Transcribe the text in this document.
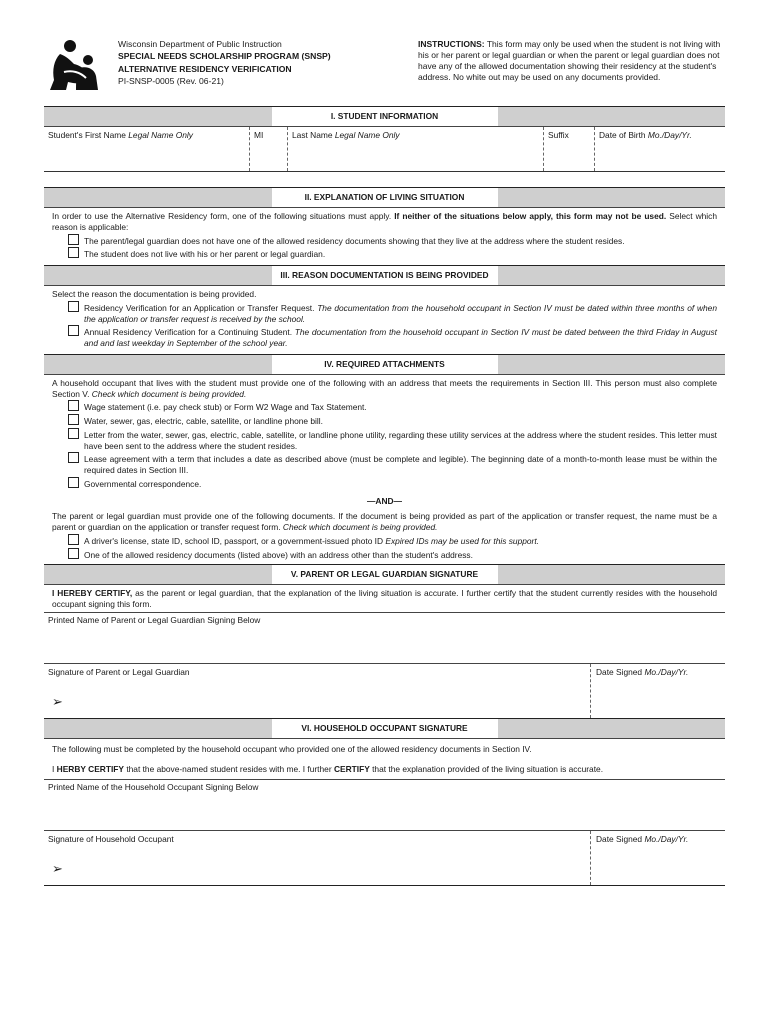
Wisconsin Department of Public Instruction
SPECIAL NEEDS SCHOLARSHIP PROGRAM (SNSP)
ALTERNATIVE RESIDENCY VERIFICATION
PI-SNSP-0005 (Rev. 06-21)
INSTRUCTIONS: This form may only be used when the student is not living with his or her parent or legal guardian or when the parent or legal guardian does not have any of the allowed documentation showing their residency at the student's address. No white out may be used on any documents provided.
I. STUDENT INFORMATION
Student's First Name Legal Name Only	MI	Last Name Legal Name Only	Suffix	Date of Birth Mo./Day/Yr.
II. EXPLANATION OF LIVING SITUATION

In order to use the Alternative Residency form, one of the following situations must apply. If neither of the situations below apply, this form may not be used. Select which reason is applicable:

The parent/legal guardian does not have one of the allowed residency documents showing that they live at the address where the student resides.
The student does not live with his or her parent or legal guardian.
III. REASON DOCUMENTATION IS BEING PROVIDED

Select the reason the documentation is being provided.

Residency Verification for an Application or Transfer Request. The documentation from the household occupant in Section IV must be dated within three months of when the application or transfer request is received by the school.
Annual Residency Verification for a Continuing Student. The documentation from the household occupant in Section IV must be dated between the third Friday in August and and last weekday in September of the school year.
IV. REQUIRED ATTACHMENTS

A household occupant that lives with the student must provide one of the following with an address that meets the requirements in Section III. This person must also complete Section V. Check which document is being provided.

Wage statement (i.e. pay check stub) or Form W2 Wage and Tax Statement.
Water, sewer, gas, electric, cable, satellite, or landline phone bill.
Letter from the water, sewer, gas, electric, cable, satellite, or landline phone utility, regarding these utility services at the address where the student resides. This letter must have been sent to the address where the student resides.
Lease agreement with a term that includes a date as described above (must be complete and legible). The beginning date of a month-to-month lease must be within the required dates in Section III.
Governmental correspondence.
—AND—

The parent or legal guardian must provide one of the following documents. If the document is being provided as part of the application or transfer request, the name must be a parent or guardian on the application or transfer request form. Check which document is being provided.

A driver's license, state ID, school ID, passport, or a government-issued photo ID Expired IDs may be used for this support.
One of the allowed residency documents (listed above) with an address other than the student's address.
V. PARENT OR LEGAL GUARDIAN SIGNATURE

I HEREBY CERTIFY, as the parent or legal guardian, that the explanation of the living situation is accurate. I further certify that the student currently resides with the household occupant signing this form.

Printed Name of Parent or Legal Guardian Signing Below
Signature of Parent or Legal Guardian
➢
Date Signed Mo./Day/Yr.
VI. HOUSEHOLD OCCUPANT SIGNATURE

The following must be completed by the household occupant who provided one of the allowed residency documents in Section IV.

I HERBY CERTIFY that the above-named student resides with me. I further CERTIFY that the explanation provided of the living situation is accurate.

Printed Name of the Household Occupant Signing Below
Signature of Household Occupant
➢
Date Signed Mo./Day/Yr.
